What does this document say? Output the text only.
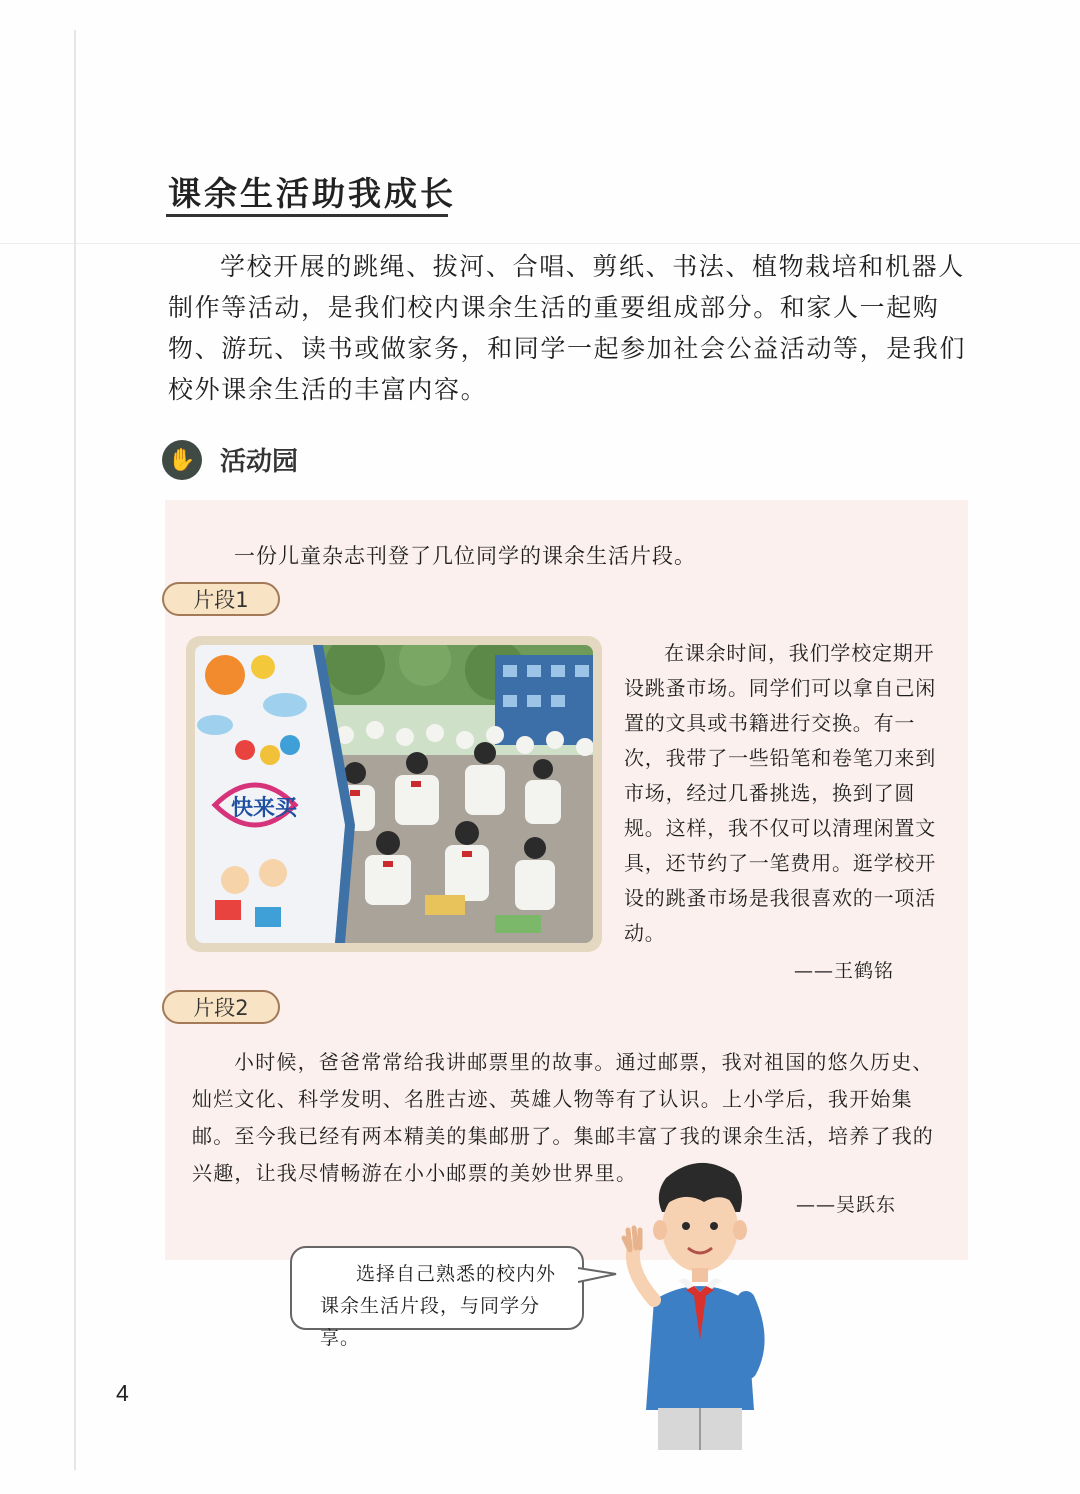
课余生活助我成长

学校开展的跳绳、拔河、合唱、剪纸、书法、植物栽培和机器人制作等活动，是我们校内课余生活的重要组成部分。和家人一起购物、游玩、读书或做家务，和同学一起参加社会公益活动等，是我们校外课余生活的丰富内容。

✋ 活动园

一份儿童杂志刊登了几位同学的课余生活片段。

片段1
快来买

在课余时间，我们学校定期开设跳蚤市场。同学们可以拿自己闲置的文具或书籍进行交换。有一次，我带了一些铅笔和卷笔刀来到市场，经过几番挑选，换到了圆规。这样，我不仅可以清理闲置文具，还节约了一笔费用。逛学校开设的跳蚤市场是我很喜欢的一项活动。

——王鹤铭

片段2

小时候，爸爸常常给我讲邮票里的故事。通过邮票，我对祖国的悠久历史、灿烂文化、科学发明、名胜古迹、英雄人物等有了认识。上小学后，我开始集邮。至今我已经有两本精美的集邮册了。集邮丰富了我的课余生活，培养了我的兴趣，让我尽情畅游在小小邮票的美妙世界里。

——吴跃东

选择自己熟悉的校内外课余生活片段，与同学分享。

4
